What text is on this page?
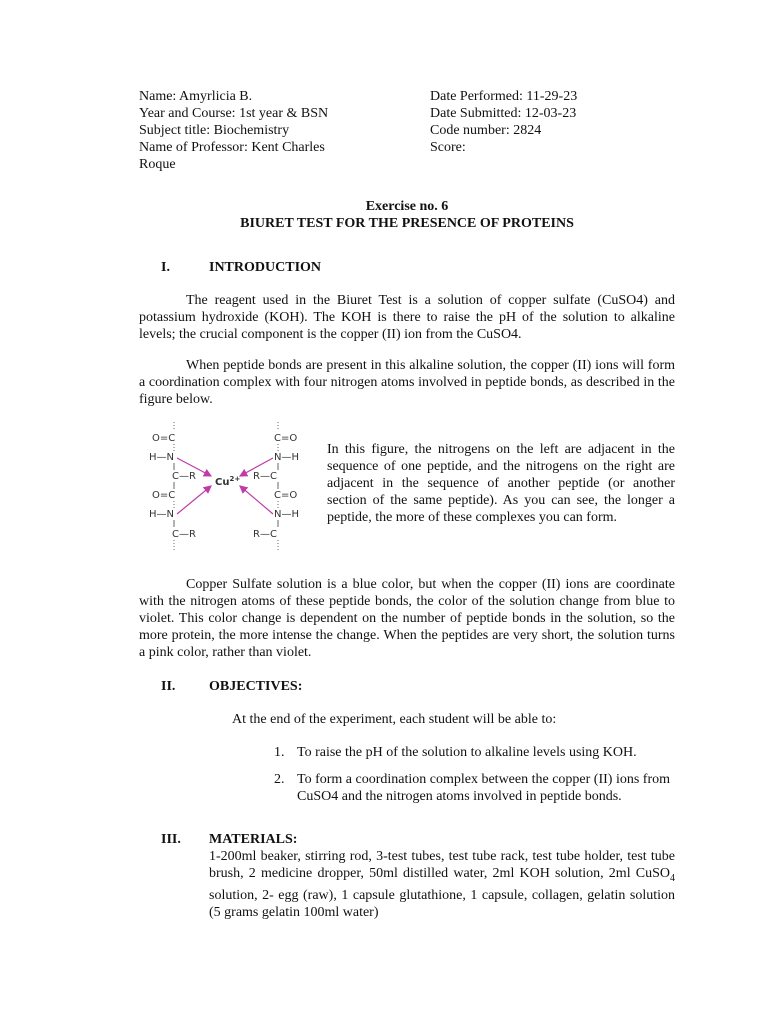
Name: Amyrlicia B.
Year and Course: 1st year & BSN
Subject title: Biochemistry
Name of Professor: Kent Charles
Roque
Date Performed: 11-29-23
Date Submitted: 12-03-23
Code number: 2824
Score:
Exercise no. 6
BIURET TEST FOR THE PRESENCE OF PROTEINS
I.	INTRODUCTION
The reagent used in the Biuret Test is a solution of copper sulfate (CuSO4) and potassium hydroxide (KOH). The KOH is there to raise the pH of the solution to alkaline levels; the crucial component is the copper (II) ion from the CuSO4.
When peptide bonds are present in this alkaline solution, the copper (II) ions will form a coordination complex with four nitrogen atoms involved in peptide bonds, as described in the figure below.
O=C
H—N
C—R
O=C
H—N
C—R
C=O
N—H
R—C
C=O
N—H
R—C
$Cu^{2+}$
In this figure, the nitrogens on the left are adjacent in the sequence of one peptide, and the nitrogens on the right are adjacent in the sequence of another peptide (or another section of the same peptide). As you can see, the longer a peptide, the more of these complexes you can form.
Copper Sulfate solution is a blue color, but when the copper (II) ions are coordinate with the nitrogen atoms of these peptide bonds, the color of the solution change from blue to violet. This color change is dependent on the number of peptide bonds in the solution, so the more protein, the more intense the change. When the peptides are very short, the solution turns a pink color, rather than violet.
II. OBJECTIVES:
At the end of the experiment, each student will be able to:
1. To raise the pH of the solution to alkaline levels using KOH.
2. To form a coordination complex between the copper (II) ions from CuSO4 and the nitrogen atoms involved in peptide bonds.
III. MATERIALS:
1-200ml beaker, stirring rod, 3-test tubes, test tube rack, test tube holder, test tube brush, 2 medicine dropper, 50ml distilled water, 2ml KOH solution, 2ml CuSO$_4$ solution, 2- egg (raw), 1 capsule glutathione, 1 capsule, collagen, gelatin solution (5 grams gelatin 100ml water)
